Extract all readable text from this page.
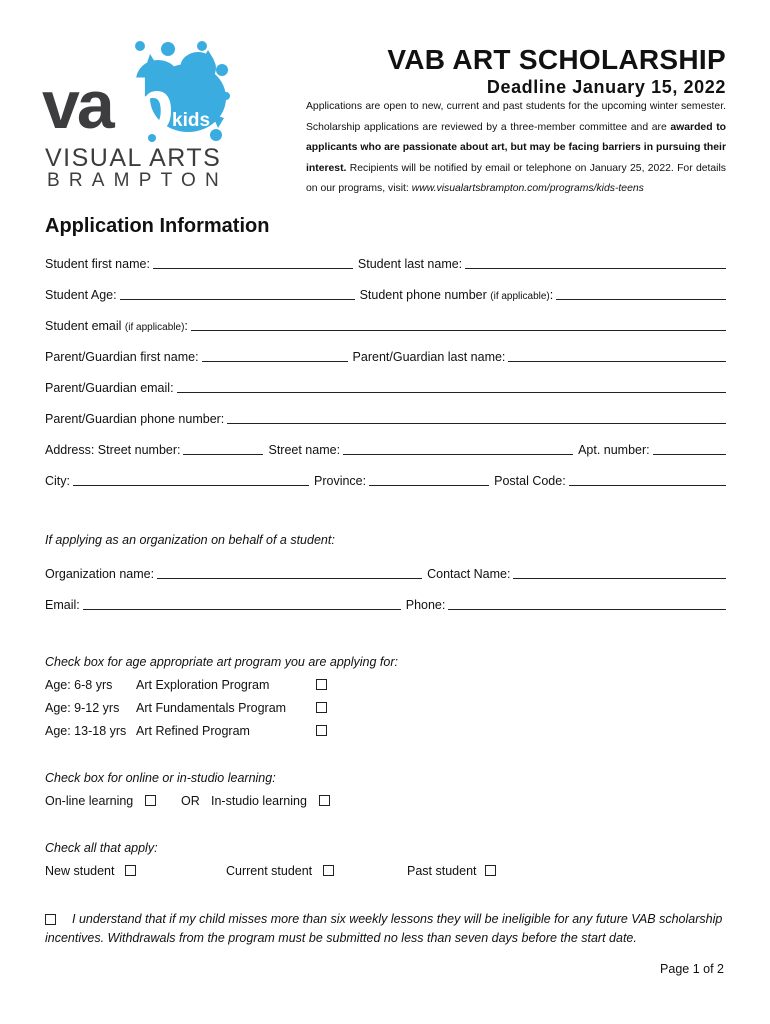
va b
kids
VISUAL ARTS
BRAMPTON
VAB ART SCHOLARSHIP
Deadline January 15, 2022
Applications are open to new, current and past students for the upcoming winter semester. Scholarship applications are reviewed by a three-member committee and are awarded to applicants who are passionate about art, but may be facing barriers in pursuing their interest. Recipients will be notified by email or telephone on January 25, 2022. For details on our programs, visit: www.visualartsbrampton.com/programs/kids-teens
Application Information
Student first name:	Student last name:
Student Age:	Student phone number (if applicable):
Student email (if applicable):
Parent/Guardian first name:	Parent/Guardian last name:
Parent/Guardian email:
Parent/Guardian phone number:
Address: Street number:	Street name:	Apt. number:
City:	Province:	Postal Code:
If applying as an organization on behalf of a student:
Organization name:	Contact Name:
Email:	Phone:
Check box for age appropriate art program you are applying for:
Age: 6-8 yrs Art Exploration Program
Age: 9-12 yrs Art Fundamentals Program
Age: 13-18 yrs Art Refined Program
Check box for online or in-studio learning:
On-line learning	OR In-studio learning
Check all that apply:
New student	Current student	Past student
I understand that if my child misses more than six weekly lessons they will be ineligible for any future VAB scholarship
incentives. Withdrawals from the program must be submitted no less than seven days before the start date.
Page 1 of 2
